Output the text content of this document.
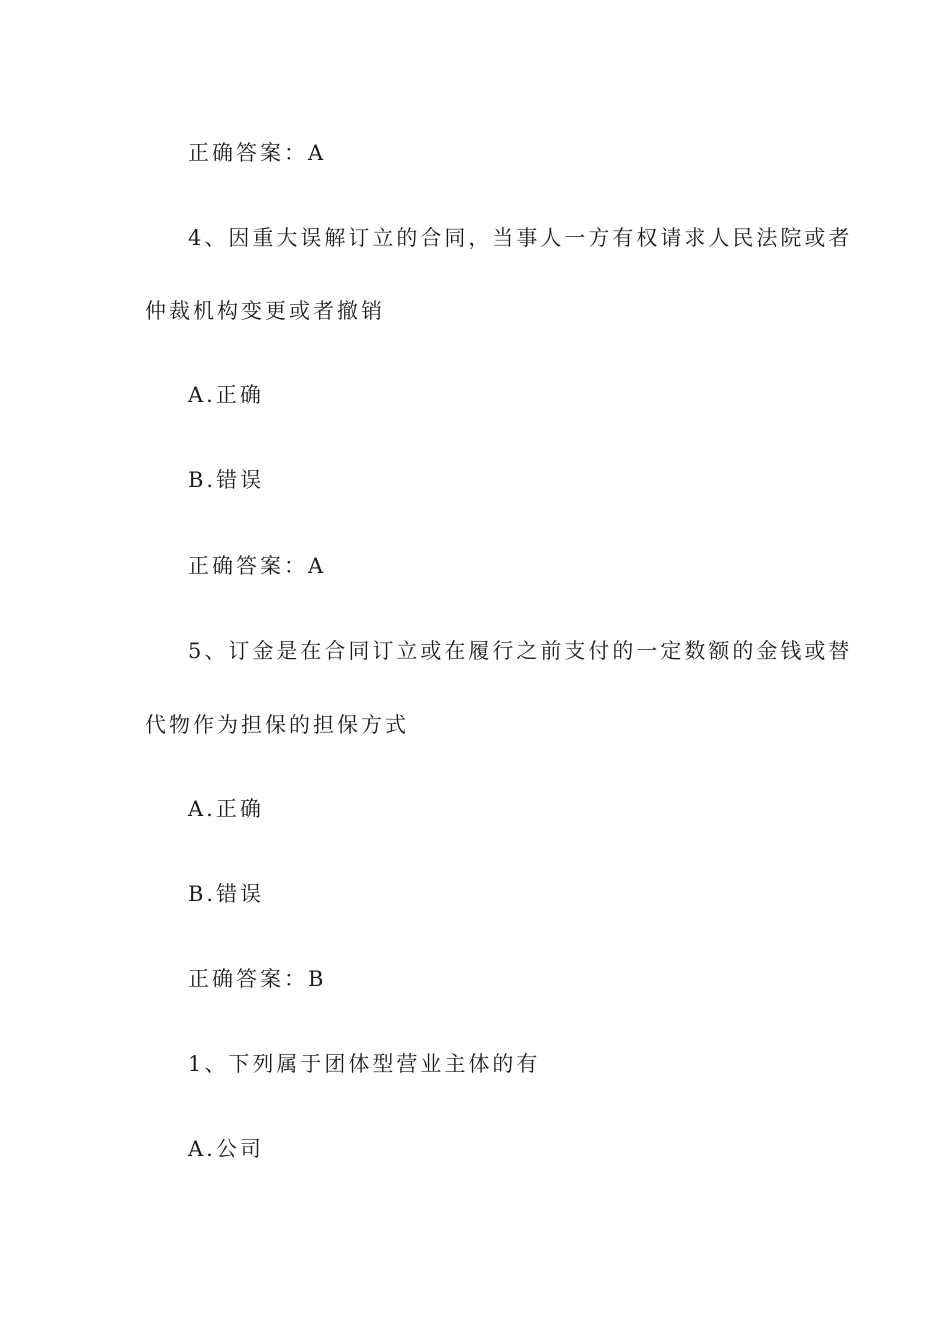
正确答案：A
4、因重大误解订立的合同，当事人一方有权请求人民法院或者
仲裁机构变更或者撤销
A.正确
B.错误
正确答案：A
5、订金是在合同订立或在履行之前支付的一定数额的金钱或替
代物作为担保的担保方式
A.正确
B.错误
正确答案：B
1、下列属于团体型营业主体的有
A.公司
